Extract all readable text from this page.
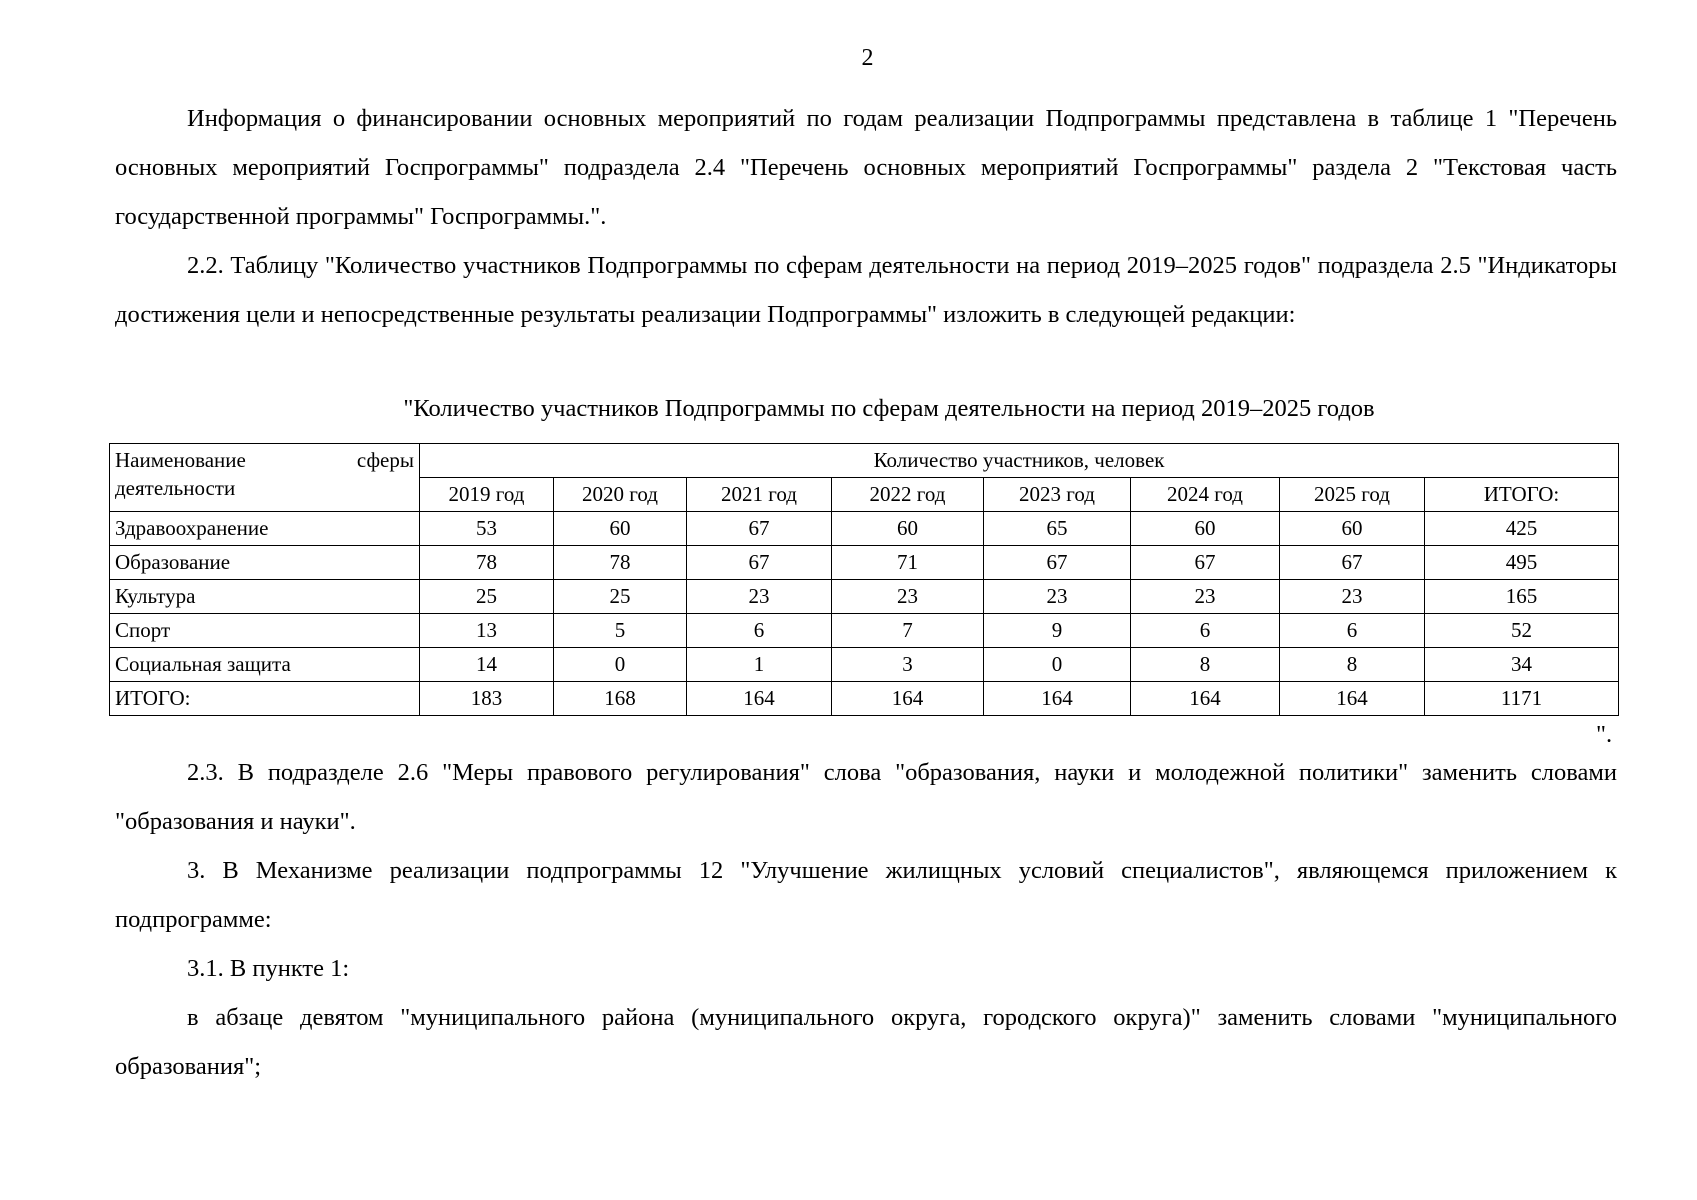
2

Информация о финансировании основных мероприятий по годам реализации Подпрограммы представлена в таблице 1 "Перечень основных мероприятий Госпрограммы" подраздела 2.4 "Перечень основных мероприятий Госпрограммы" раздела 2 "Текстовая часть государственной программы" Госпрограммы.".

2.2. Таблицу "Количество участников Подпрограммы по сферам деятельности на период 2019–2025 годов" подраздела 2.5 "Индикаторы достижения цели и непосредственные результаты реализации Подпрограммы" изложить в следующей редакции:

"Количество участников Подпрограммы по сферам деятельности на период 2019–2025 годов
Наименование сферы
деятельности	Количество участников, человек							
	2019 год	2020 год	2021 год	2022 год	2023 год	2024 год	2025 год	ИТОГО:
Здравоохранение	53	60	67	60	65	60	60	425
Образование	78	78	67	71	67	67	67	495
Культура	25	25	23	23	23	23	23	165
Спорт	13	5	6	7	9	6	6	52
Социальная защита	14	0	1	3	0	8	8	34
ИТОГО:	183	168	164	164	164	164	164	1171
".

2.3. В подразделе 2.6 "Меры правового регулирования" слова "образования, науки и молодежной политики" заменить словами "образования и науки".

3. В Механизме реализации подпрограммы 12 "Улучшение жилищных условий специалистов", являющемся приложением к подпрограмме:

3.1. В пункте 1:

в абзаце девятом "муниципального района (муниципального округа, городского округа)" заменить словами "муниципального образования";
